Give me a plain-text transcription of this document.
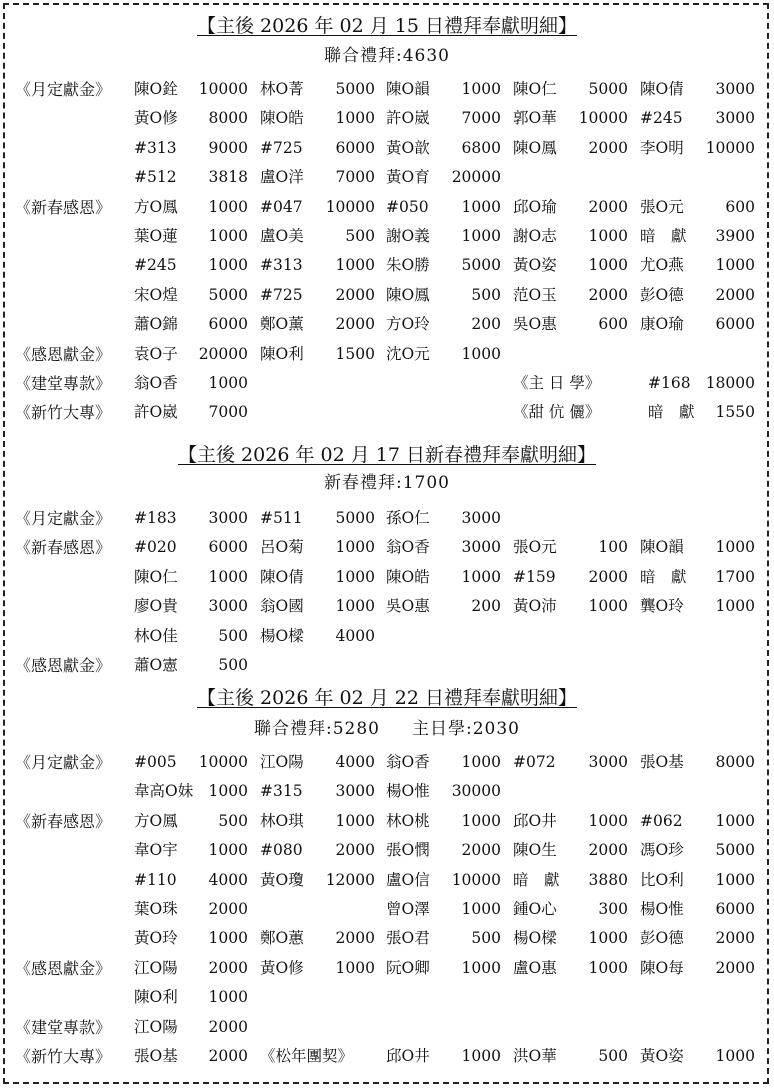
【主後 2026 年 02 月 15 日禮拜奉獻明細】
聯合禮拜:4630
《月定獻金》 陳O銓 10000 林O菁 5000 陳O韻 1000 陳O仁 5000 陳O倩 3000
黃O修 8000 陳O皓 1000 許O崴 7000 郭O華 10000 #245 3000
#313 9000 #725 6000 黃O歆 6800 陳O鳳 2000 李O明 10000
#512 3818 盧O洋 7000 黃O育 20000
《新春感恩》 方O鳳 1000 #047 10000 #050 1000 邱O瑜 2000 張O元	600
葉O蓮 1000 盧O美	500 謝O義 1000 謝O志 1000 暗　獻 3900
#245 1000 #313 1000 朱O勝 5000 黃O姿 1000 尤O燕 1000
宋O煌 5000 #725 2000 陳O鳳	500 范O玉 2000 彭O德 2000
蕭O錦 6000 鄭O薰 2000 方O玲	200 吳O惠	600 康O瑜 6000
《感恩獻金》 袁O子 20000 陳O利 1500 沈O元 1000
《建堂專款》 翁O香 1000	《主 日 學》	#168 18000
《新竹大專》 許O崴 7000	《甜 伉 儷》	暗　獻 1550
【主後 2026 年 02 月 17 日新春禮拜奉獻明細】
新春禮拜:1700
《月定獻金》 #183 3000 #511 5000 孫O仁 3000
《新春感恩》 #020 6000 呂O菊 1000 翁O香 3000 張O元	100 陳O韻 1000
陳O仁 1000 陳O倩 1000 陳O皓 1000 #159 2000 暗　獻 1700
廖O貴 3000 翁O國 1000 吳O惠	200 黃O沛 1000 龔O玲 1000
林O佳	500 楊O樑 4000
《感恩獻金》 蕭O憲	500
【主後 2026 年 02 月 22 日禮拜奉獻明細】
聯合禮拜:5280 主日學:2030
《月定獻金》 #005 10000 江O陽 4000 翁O香 1000 #072 3000 張O基 8000
韋高O妹 1000 #315 3000 楊O惟 30000
《新春感恩》 方O鳳	500 林O琪 1000 林O桃 1000 邱O井 1000 #062 1000
韋O宇 1000 #080 2000 張O憫 2000 陳O生 2000 馮O珍 5000
#110 4000 黃O瓊 12000 盧O信 10000 暗　獻 3880 比O利 1000
葉O珠 2000	曾O澤 1000 鍾O心	300 楊O惟 6000
黃O玲 1000 鄭O蕙 2000 張O君	500 楊O樑 1000 彭O德 2000
《感恩獻金》 江O陽 2000 黃O修 1000 阮O卿 1000 盧O惠 1000 陳O每 2000
陳O利 1000
《建堂專款》 江O陽 2000
《新竹大專》 張O基 2000 《松年團契》 邱O井 1000 洪O華	500 黃O姿 1000
